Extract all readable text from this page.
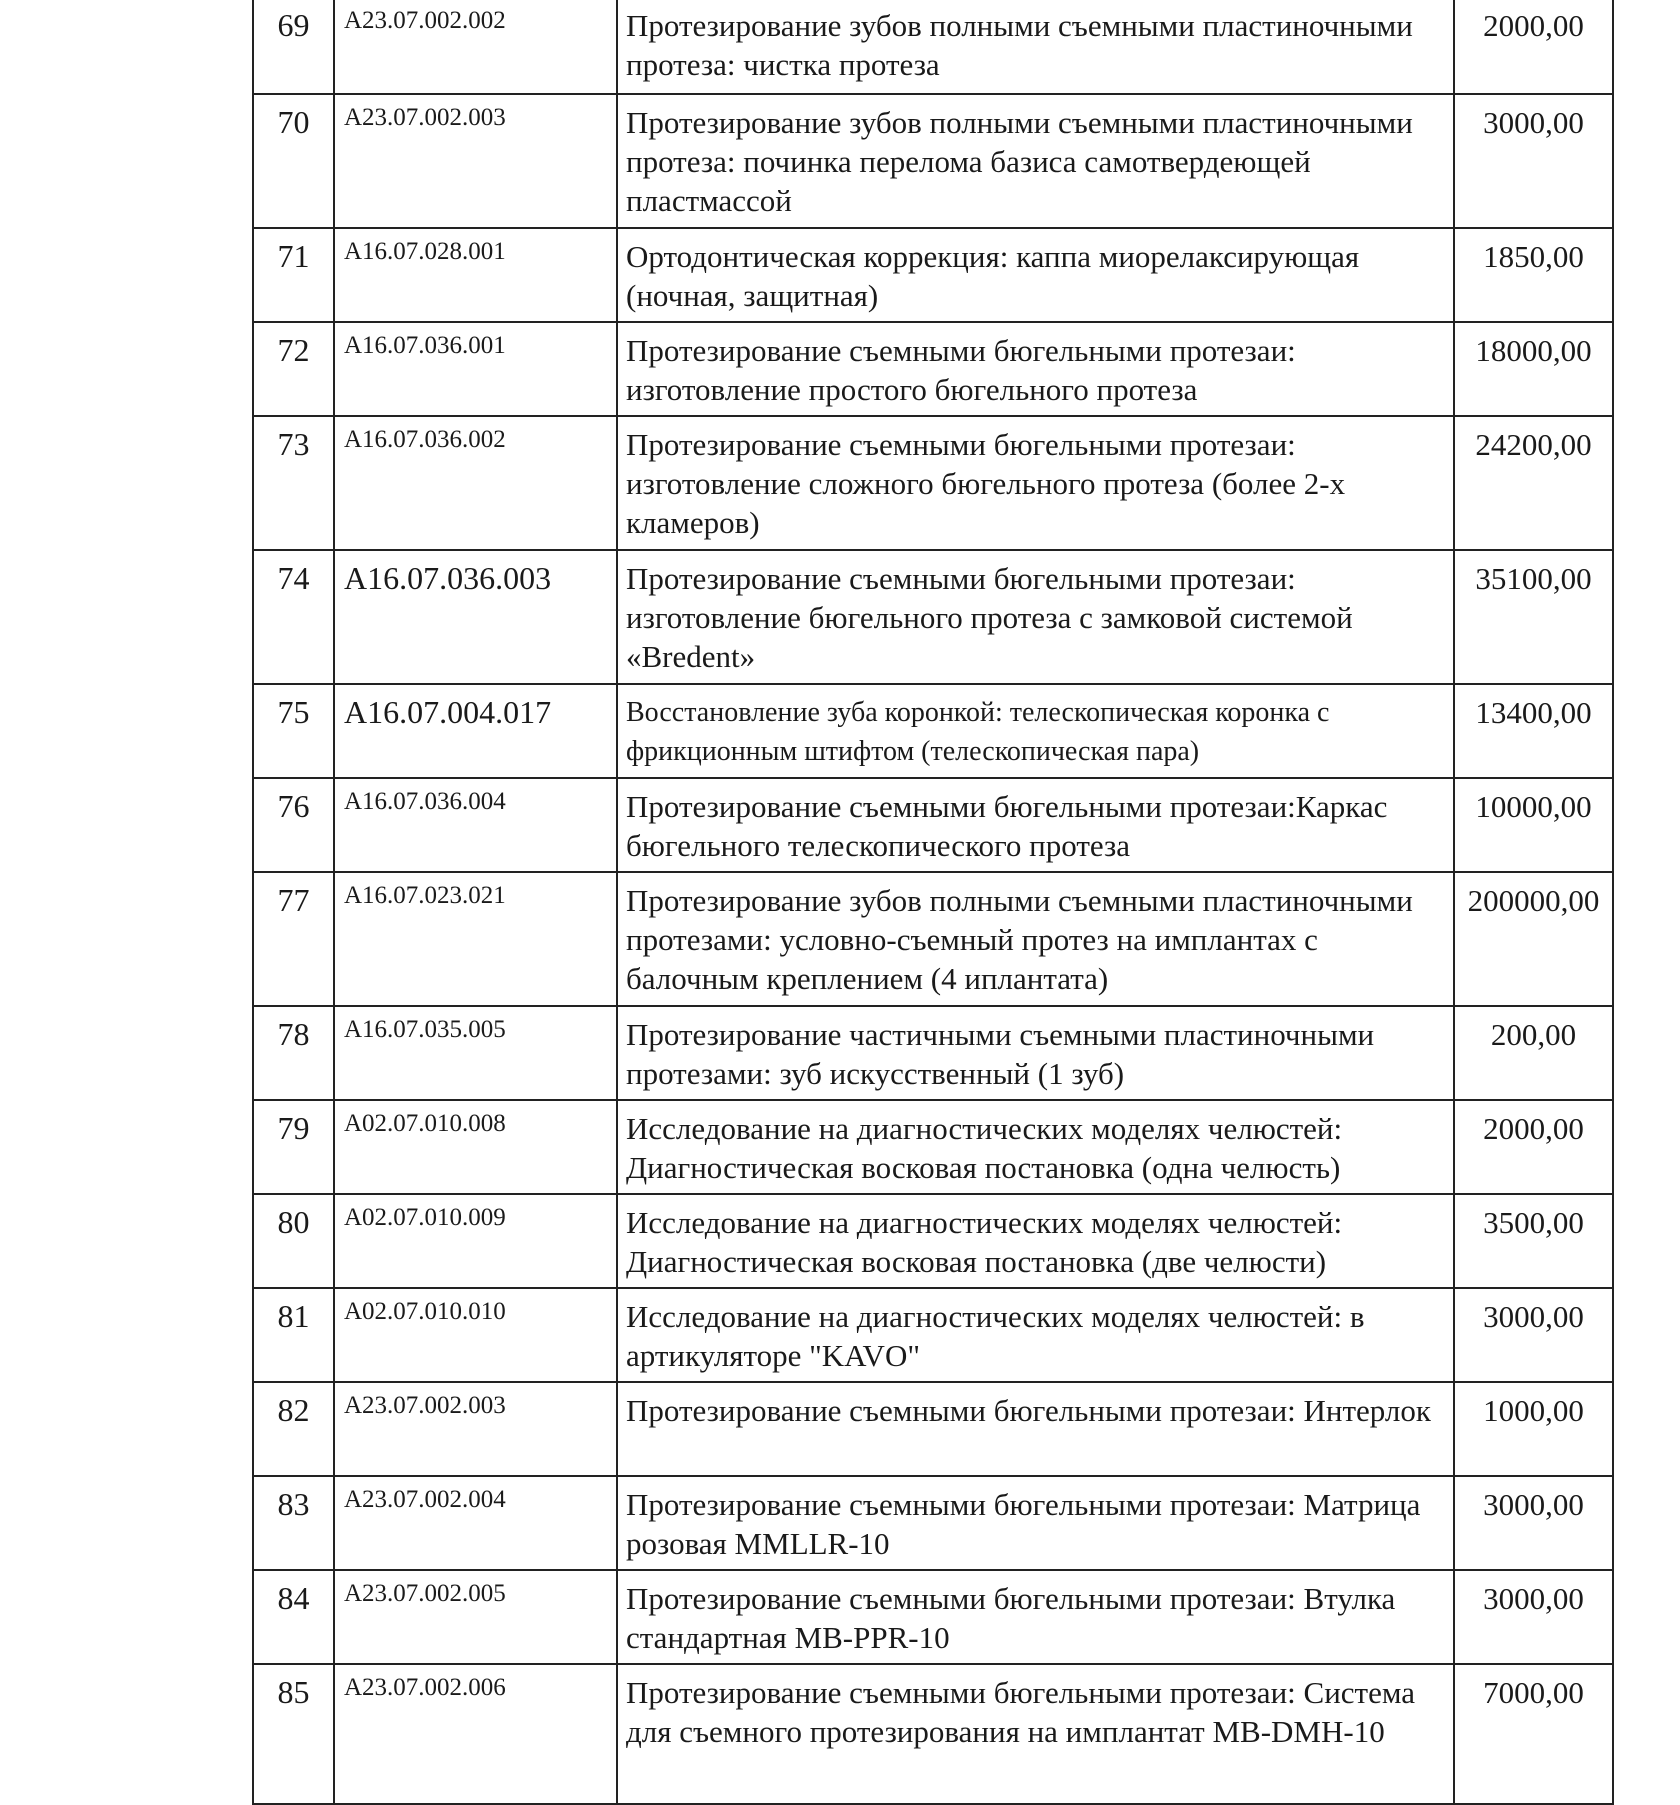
69	A23.07.002.002	Протезирование зубов полными съемными пластиночными протеза: чистка протеза	2000,00
70	A23.07.002.003	Протезирование зубов полными съемными пластиночными протеза: починка перелома базиса самотвердеющей пластмассой	3000,00
71	A16.07.028.001	Ортодонтическая коррекция: каппа миорелаксирующая (ночная, защитная)	1850,00
72	A16.07.036.001	Протезирование съемными бюгельными протезаи: изготовление простого бюгельного протеза	18000,00
73	A16.07.036.002	Протезирование съемными бюгельными протезаи: изготовление сложного бюгельного протеза (более 2-х кламеров)	24200,00
74	A16.07.036.003	Протезирование съемными бюгельными протезаи: изготовление бюгельного протеза с замковой системой «Bredent»	35100,00
75	A16.07.004.017	Восстановление зуба коронкой: телескопическая коронка с фрикционным штифтом (телескопическая пара)	13400,00
76	A16.07.036.004	Протезирование съемными бюгельными протезаи:Каркас бюгельного телескопического протеза	10000,00
77	A16.07.023.021	Протезирование зубов полными съемными пластиночными протезами: условно-съемный протез на имплантах с балочным креплением (4 иплантата)	200000,00
78	A16.07.035.005	Протезирование частичными съемными пластиночными протезами: зуб искусственный (1 зуб)	200,00
79	A02.07.010.008	Исследование на диагностических моделях челюстей: Диагностическая восковая постановка (одна челюсть)	2000,00
80	A02.07.010.009	Исследование на диагностических моделях челюстей: Диагностическая восковая постановка (две челюсти)	3500,00
81	A02.07.010.010	Исследование на диагностических моделях челюстей: в артикуляторе "KAVO"	3000,00
82	A23.07.002.003	Протезирование съемными бюгельными протезаи: Интерлок	1000,00
83	A23.07.002.004	Протезирование съемными бюгельными протезаи: Матрица розовая MMLLR-10	3000,00
84	A23.07.002.005	Протезирование съемными бюгельными протезаи: Втулка стандартная MB-PPR-10	3000,00
85	A23.07.002.006	Протезирование съемными бюгельными протезаи: Система для съемного протезирования на имплантат MB-DMH-10	7000,00
